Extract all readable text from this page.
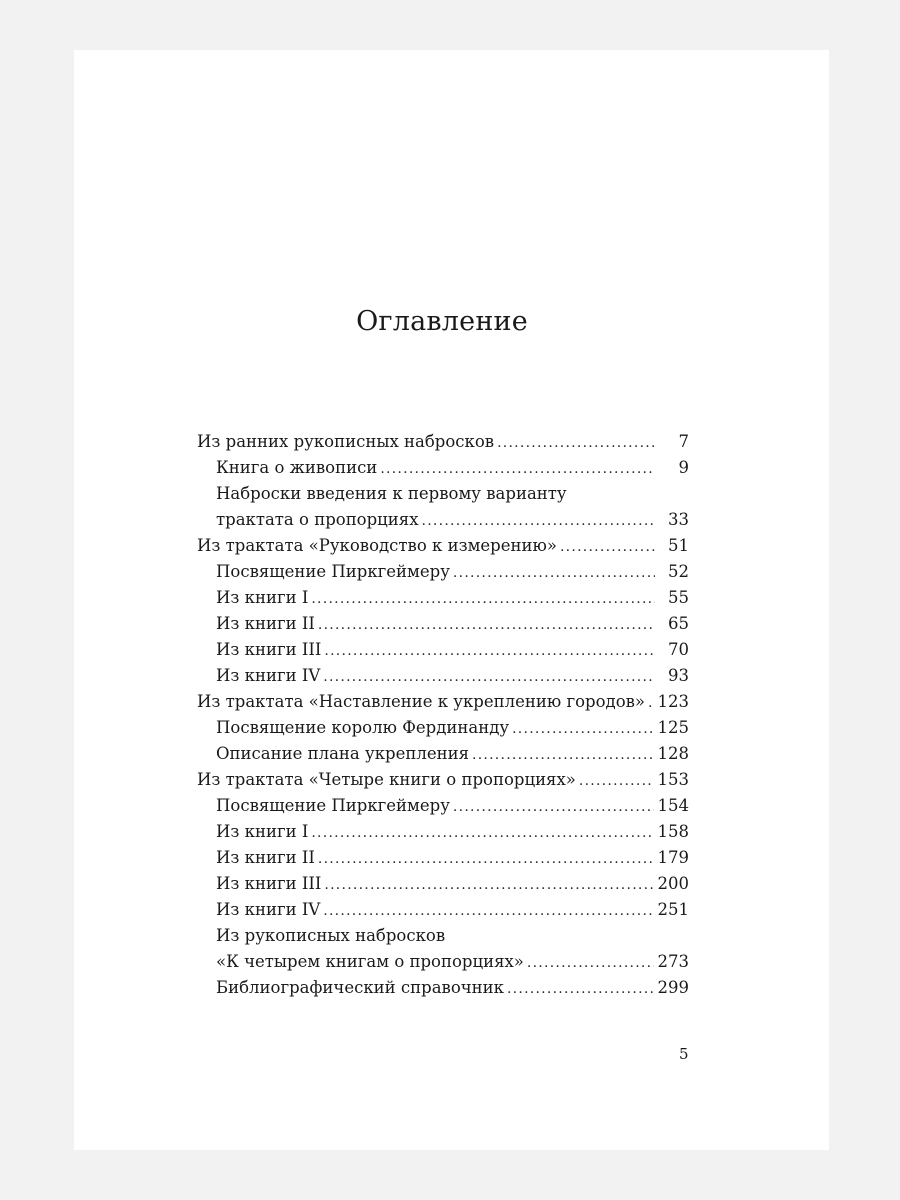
Оглавление
Из ранних рукописных набросков . . .	7
Книга о живописи . . .	9
Наброски введения к первому варианту
трактата о пропорциях . . .	33
Из трактата «Руководство к измерению» . . .	51
Посвящение Пиркгеймеру . . .	52
Из книги I . . .	55
Из книги II . . .	65
Из книги III . . .	70
Из книги IV . . .	93
Из трактата «Наставление к укреплению городов» . . . 123
Посвящение королю Фердинанду . . .	125
Описание плана укрепления . . .	128
Из трактата «Четыре книги о пропорциях» . . .	153
Посвящение Пиркгеймеру . . .	154
Из книги I . . .	158
Из книги II . . .	179
Из книги III . . .	200
Из книги IV . . .	251
Из рукописных набросков
«К четырем книгам о пропорциях» . . .	273
Библиографический справочник . . .	299
5
